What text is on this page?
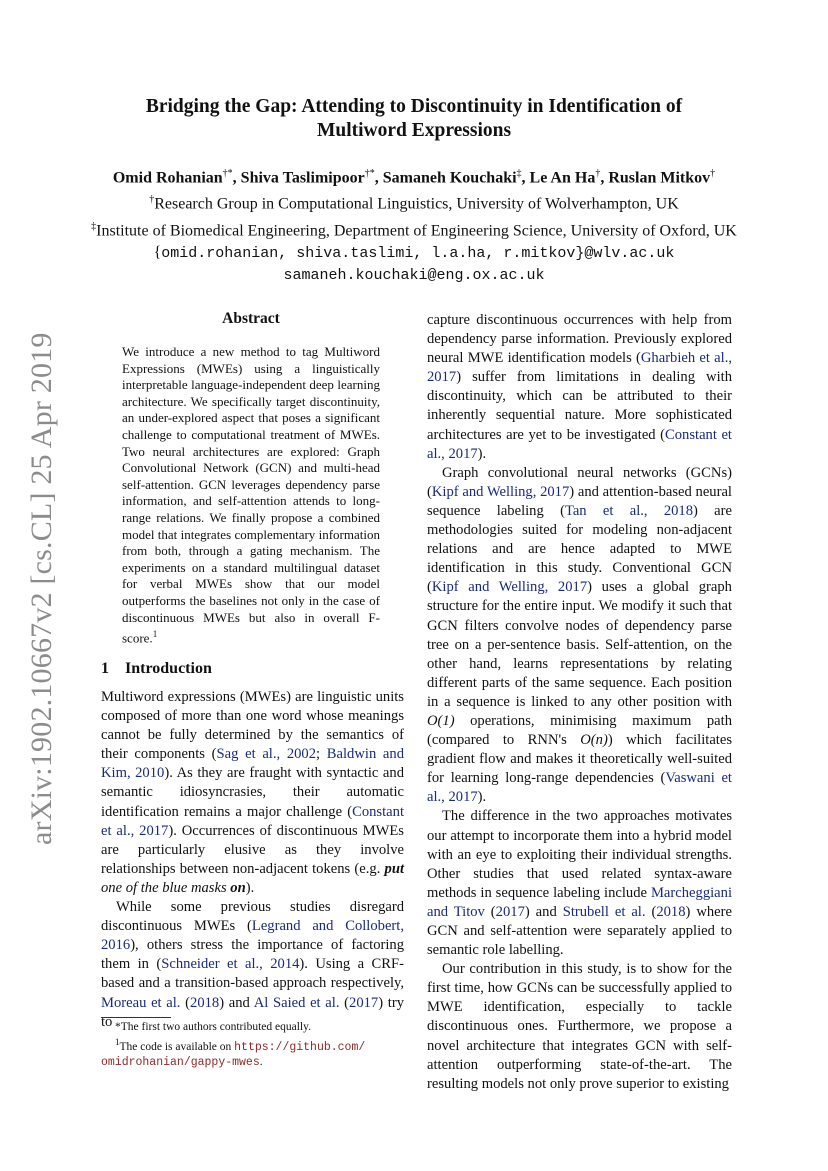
arXiv:1902.10667v2 [cs.CL] 25 Apr 2019
Bridging the Gap: Attending to Discontinuity in Identification of
Multiword Expressions
Omid Rohanian†*, Shiva Taslimipoor†*, Samaneh Kouchaki‡, Le An Ha†, Ruslan Mitkov†
†Research Group in Computational Linguistics, University of Wolverhampton, UK
‡Institute of Biomedical Engineering, Department of Engineering Science, University of Oxford, UK
{omid.rohanian, shiva.taslimi, l.a.ha, r.mitkov}@wlv.ac.uk
samaneh.kouchaki@eng.ox.ac.uk
Abstract
We introduce a new method to tag Multiword Expressions (MWEs) using a linguistically interpretable language-independent deep learning architecture. We specifically target discontinuity, an under-explored aspect that poses a significant challenge to computational treatment of MWEs. Two neural architectures are explored: Graph Convolutional Network (GCN) and multi-head self-attention. GCN leverages dependency parse information, and self-attention attends to long-range relations. We finally propose a combined model that integrates complementary information from both, through a gating mechanism. The experiments on a standard multilingual dataset for verbal MWEs show that our model outperforms the baselines not only in the case of discontinuous MWEs but also in overall F-score.$^1$
1 Introduction

Multiword expressions (MWEs) are linguistic units composed of more than one word whose meanings cannot be fully determined by the semantics of their components (Sag et al., 2002; Baldwin and Kim, 2010). As they are fraught with syntactic and semantic idiosyncrasies, their automatic identification remains a major challenge (Constant et al., 2017). Occurrences of discontinuous MWEs are particularly elusive as they involve relationships between non-adjacent tokens (e.g. put one of the blue masks on).

While some previous studies disregard discontinuous MWEs (Legrand and Collobert, 2016), others stress the importance of factoring them in (Schneider et al., 2014). Using a CRF-based and a transition-based approach respectively, Moreau et al. (2018) and Al Saied et al. (2017) try to *The first two authors contributed equally.
$^1$The code is available on https://github.com/ omidrohanian/gappy-mwes.

capture discontinuous occurrences with help from dependency parse information. Previously explored neural MWE identification models (Gharbieh et al., 2017) suffer from limitations in dealing with discontinuity, which can be attributed to their inherently sequential nature. More sophisticated architectures are yet to be investigated (Constant et al., 2017).

Graph convolutional neural networks (GCNs) (Kipf and Welling, 2017) and attention-based neural sequence labeling (Tan et al., 2018) are methodologies suited for modeling non-adjacent relations and are hence adapted to MWE identification in this study. Conventional GCN (Kipf and Welling, 2017) uses a global graph structure for the entire input. We modify it such that GCN filters convolve nodes of dependency parse tree on a per-sentence basis. Self-attention, on the other hand, learns representations by relating different parts of the same sequence. Each position in a sequence is linked to any other position with O(1) operations, minimising maximum path (compared to RNN's O(n)) which facilitates gradient flow and makes it theoretically well-suited for learning long-range dependencies (Vaswani et al., 2017).

The difference in the two approaches motivates our attempt to incorporate them into a hybrid model with an eye to exploiting their individual strengths. Other studies that used related syntax-aware methods in sequence labeling include Marcheggiani and Titov (2017) and Strubell et al. (2018) where GCN and self-attention were separately applied to semantic role labelling.

Our contribution in this study, is to show for the first time, how GCNs can be successfully applied to MWE identification, especially to tackle discontinuous ones. Furthermore, we propose a novel architecture that integrates GCN with self-attention outperforming state-of-the-art. The resulting models not only prove superior to existing
